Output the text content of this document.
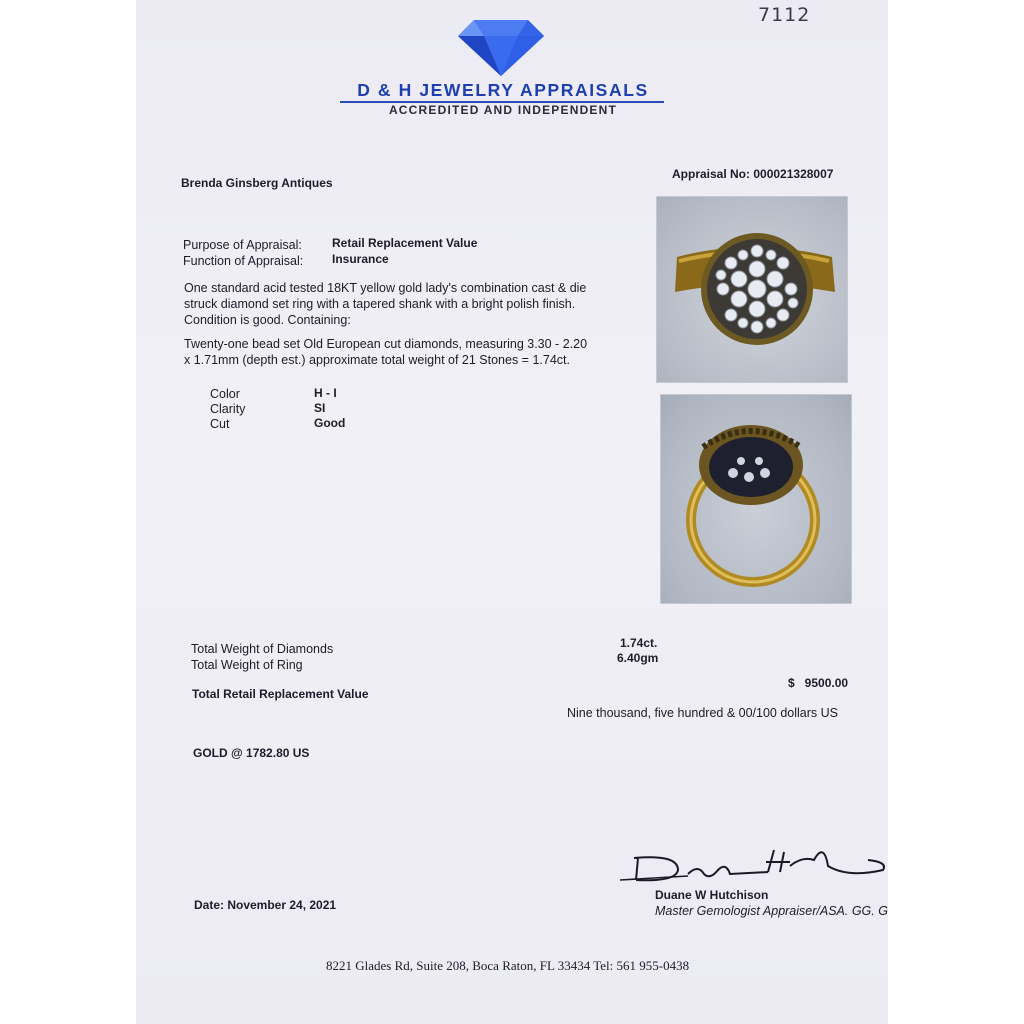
7112
D & H JEWELRY APPRAISALS
ACCREDITED AND INDEPENDENT
Brenda Ginsberg Antiques
Appraisal No: 000021328007
Purpose of Appraisal:	Retail Replacement Value
Function of Appraisal: Insurance
One standard acid tested 18KT yellow gold lady's combination cast & die
struck diamond set ring with a tapered shank with a bright polish finish.
Condition is good. Containing:
Twenty-one bead set Old European cut diamonds, measuring 3.30 - 2.20
x 1.71mm (depth est.) approximate total weight of 21 Stones = 1.74ct.
Color	H - I
Clarity	SI
Cut	Good
Total Weight of Diamonds	1.74ct.
Total Weight of Ring	6.40gm
Total Retail Replacement Value
$   9500.00
Nine thousand, five hundred & 00/100 dollars US
GOLD @ 1782.80 US
Duane W Hutchison
Master Gemologist Appraiser/ASA. GG. G
Date: November 24, 2021
8221 Glades Rd, Suite 208, Boca Raton, FL 33434 Tel: 561 955-0438
